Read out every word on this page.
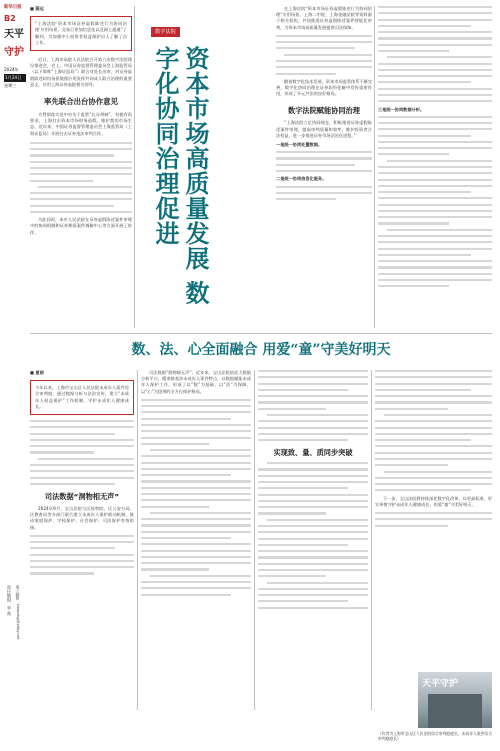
新华日报
B2
天平
守护
2024年
1月24日
星期三
■ 圆远
“上海法院‘资本市场证券虚假陈述行为协同治理’应用场景，交易日更加信息化以及网上通通”了解到，为加强中小投资者权益保护出人了解了自工作。
近日，上海市高院人民法院召开第六次数字法院建设推进会，会上，中国证券监督管理委员会上海监管局（以下简称“上海证监局”）联合对处长出审，对证券虚假陈述纠纷场景数据应用发挥共同成人联合治理的重要意义，应用上海证券高院相关领导。
率先联合出台协作意见
为贯彻落实党中央关于监管“长牙带刺”、有棱有角要求，上海打击资本市场财务造假，维护我的市场生态，近年来，中国证券监督管理委员会上海监管局（上海证监局）开展打击证券违法审判合作。
为此同时，本市人民法院在证券虚假陈述案件审理中的协同机制和证券期货案件调解中心等方面开展了协作。
数字法院
资本市场高质量发展 数字化协同治理促进
在上海法院“资本市场证券虚假陈述行为协同治理”应用场景，上海二中院、上海金融法院等资料源于相关机构，共同推进证券虚假陈述案件智能化审判，为资本市场高质量发展提供司法保障。
随着数字化技术发展，资本市场监管体系不断完善，数字化协同治理在证券纠纷化解中发挥重要作用，形成了多元共治的良好格局。
数字法院赋能协同治理
“上海法院立足协同理念，积极推进证券虚假陈述案件审理，提高审判质量和效率，维护投资者合法权益，进一步推进证券市场法治化进程。”
一是统一协同处置数据。
二是统一协同信息化服务。
三是统一协同数据分析。
数、法、心全面融合 用爱“童”守美好明天
■ 夏丽
今年以来，上海市宝山区人民法院未成年人案件综合审判庭，通过数据分析与法治宣传，建立“未成年人权益保护”工作机制，守护未成年人健康成长。
司法数据“洞物相无声”
2024年9月，宝山法院与区检察院、区公安分局、区教育局等多部门联合建立未成年人保护联动机制，推动家庭保护、学校保护、社会保护、司法保护有效衔接。
司法数据“润物细无声”。近年来，宝山法院依托大数据分析平台，精准排查涉未成年人案件特点，以数据赋能未成年人保护工作，形成了以“数”为基础、以“法”为保障、以“心”为纽带的全方位保护格局。
实现致、量、质同步突破
下一步，宝山法院将持续深化数字化改革，以更高标准、更实举措守护未成年人健康成长，用爱“童”守美好明天。
天平守护
（作者为上海市宝山区人民法院综合审判庭庭长、未成年人案件综合审判庭庭长）
责任编辑：李 燕 电子邮箱：tianping@xhby.net
